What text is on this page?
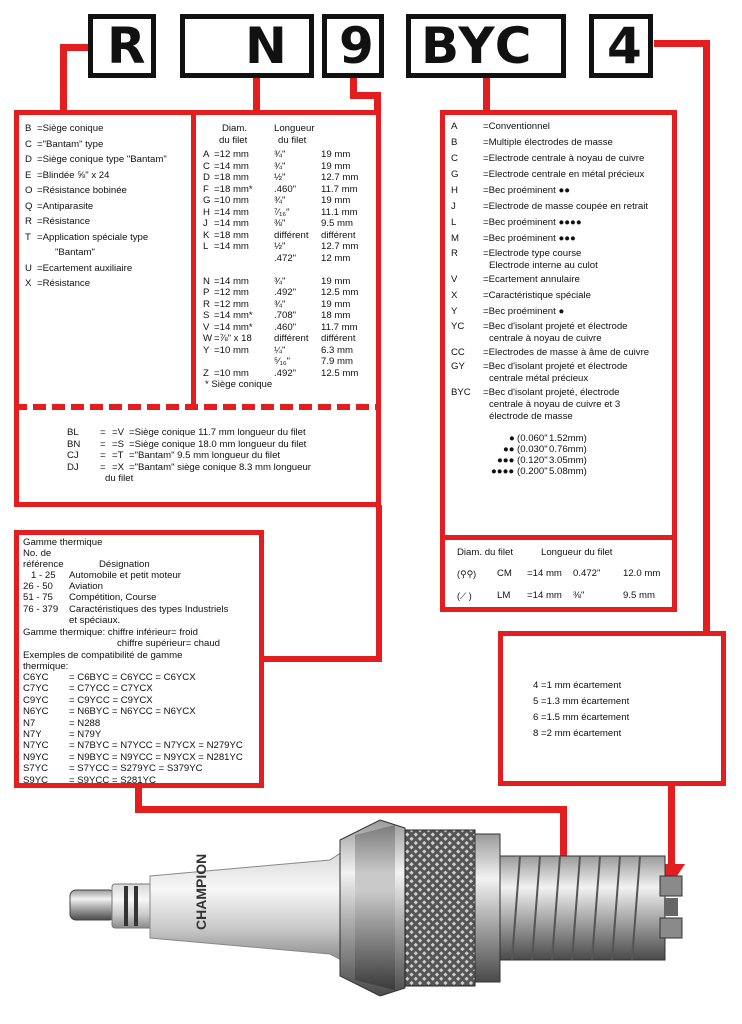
R N 9 BYC 4
B =Siège conique
C ="Bantam" type
D =Siège conique type "Bantam"
E =Blindée ⅝" x 24
O =Résistance bobinée
Q =Antiparasite
R =Résistance
T =Application spéciale type
"Bantam"
U =Ecartement auxiliaire
X =Résistance
Diam.
du filet
Longueur
du filet
A =12 mm	¾"	19 mm
C =14 mm	¾"	19 mm
D =18 mm	½"	12.7 mm
F =18 mm* .460"	11.7 mm
G =10 mm	¾"	19 mm
H =14 mm	⁷⁄₁₆"	11.1 mm
J =14 mm	⅜"	9.5 mm
K =18 mm	différent différent
L =14 mm	½"	12.7 mm
.472"	12 mm
N =14 mm	¾"	19 mm
P =12 mm	.492"	12.5 mm
R =12 mm	¾"	19 mm
S =14 mm* .708"	18 mm
V =14 mm* .460"	11.7 mm
W =⅞" x 18 différent différent
Y =10 mm	¼"	6.3 mm
⁵⁄₁₆"	7.9 mm
Z =10 mm	.492"	12.5 mm
* Siège conique
BL = =V =Siège conique 11.7 mm longueur du filet
BN = =S =Siège conique 18.0 mm longueur du filet
CJ = =T ="Bantam" 9.5 mm longueur du filet
DJ = =X ="Bantam" siège conique 8.3 mm longueur
du filet
A	=Conventionnel
B	=Multiple électrodes de masse
C	=Electrode centrale à noyau de cuivre
G	=Electrode centrale en métal précieux
H	=Bec proéminent ●●
J	=Electrode de masse coupée en retrait
L	=Bec proéminent ●●●●
M	=Bec proéminent ●●●
R	=Electrode type course
Electrode interne au culot
V	=Ecartement annulaire
X	=Caractéristique spéciale
Y	=Bec proéminent ●
YC =Bec d'isolant projeté et électrode
centrale à noyau de cuivre
CC =Electrodes de masse à âme de cuivre
GY =Bec d'isolant projeté et électrode
centrale métal précieux
BYC =Bec d'isolant projeté, électrode
centrale à noyau de cuivre et 3
électrode de masse
● (0.060" 1.52mm)
●● (0.030" 0.76mm)
●●● (0.120" 3.05mm)
●●●● (0.200" 5.08mm)
Diam. du filet	Longueur du filet
(⚲⚲) CM =14 mm 0.472" 12.0 mm
(⟋ )	LM =14 mm ⅜"	9.5 mm
Gamme thermique
No. de
référence	Désignation
1 - 25 Automobile et petit moteur
26 - 50 Aviation
51 - 75 Compétition, Course
76 - 379 Caractéristiques des types Industriels
et spéciaux.
Gamme thermique: chiffre inférieur= froid
chiffre supérieur= chaud
Exemples de compatibilité de gamme
thermique:
C6YC = C6BYC = C6YCC = C6YCX
C7YC = C7YCC = C7YCX
C9YC = C9YCC = C9YCX
N6YC = N6BYC = N6YCC = N6YCX
N7	= N288
N7Y	= N79Y
N7YC = N7BYC = N7YCC = N7YCX = N279YC
N9YC = N9BYC = N9YCC = N9YCX = N281YC
S7YC = S7YCC = S279YC = S379YC
S9YC = S9YCC = S281YC
4 =1 mm écartement
5 =1.3 mm écartement
6 =1.5 mm écartement
8 =2 mm écartement
CHAMPION
